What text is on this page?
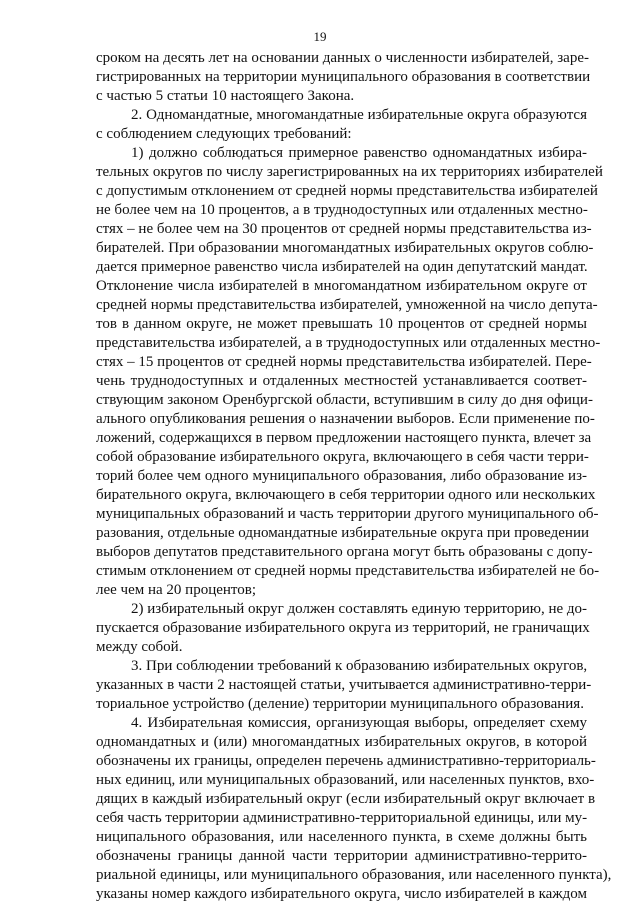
19
сроком на десять лет на основании данных о численности избирателей, заре-
гистрированных на территории муниципального образования в соответствии
с частью 5 статьи 10 настоящего Закона.
2. Одномандатные, многомандатные избирательные округа образуются
с соблюдением следующих требований:
1) должно соблюдаться примерное равенство одномандатных избира-
тельных округов по числу зарегистрированных на их территориях избирателей
с допустимым отклонением от средней нормы представительства избирателей
не более чем на 10 процентов, а в труднодоступных или отдаленных местно-
стях – не более чем на 30 процентов от средней нормы представительства из-
бирателей. При образовании многомандатных избирательных округов соблю-
дается примерное равенство числа избирателей на один депутатский мандат.
Отклонение числа избирателей в многомандатном избирательном округе от
средней нормы представительства избирателей, умноженной на число депута-
тов в данном округе, не может превышать 10 процентов от средней нормы
представительства избирателей, а в труднодоступных или отдаленных местно-
стях – 15 процентов от средней нормы представительства избирателей. Пере-
чень труднодоступных и отдаленных местностей устанавливается соответ-
ствующим законом Оренбургской области, вступившим в силу до дня офици-
ального опубликования решения о назначении выборов. Если применение по-
ложений, содержащихся в первом предложении настоящего пункта, влечет за
собой образование избирательного округа, включающего в себя части терри-
торий более чем одного муниципального образования, либо образование из-
бирательного округа, включающего в себя территории одного или нескольких
муниципальных образований и часть территории другого муниципального об-
разования, отдельные одномандатные избирательные округа при проведении
выборов депутатов представительного органа могут быть образованы с допу-
стимым отклонением от средней нормы представительства избирателей не бо-
лее чем на 20 процентов;
2) избирательный округ должен составлять единую территорию, не до-
пускается образование избирательного округа из территорий, не граничащих
между собой.
3. При соблюдении требований к образованию избирательных округов,
указанных в части 2 настоящей статьи, учитывается административно-терри-
ториальное устройство (деление) территории муниципального образования.
4. Избирательная комиссия, организующая выборы, определяет схему
одномандатных и (или) многомандатных избирательных округов, в которой
обозначены их границы, определен перечень административно-территориаль-
ных единиц, или муниципальных образований, или населенных пунктов, вхо-
дящих в каждый избирательный округ (если избирательный округ включает в
себя часть территории административно-территориальной единицы, или му-
ниципального образования, или населенного пункта, в схеме должны быть
обозначены границы данной части территории административно-террито-
риальной единицы, или муниципального образования, или населенного пункта),
указаны номер каждого избирательного округа, число избирателей в каждом
